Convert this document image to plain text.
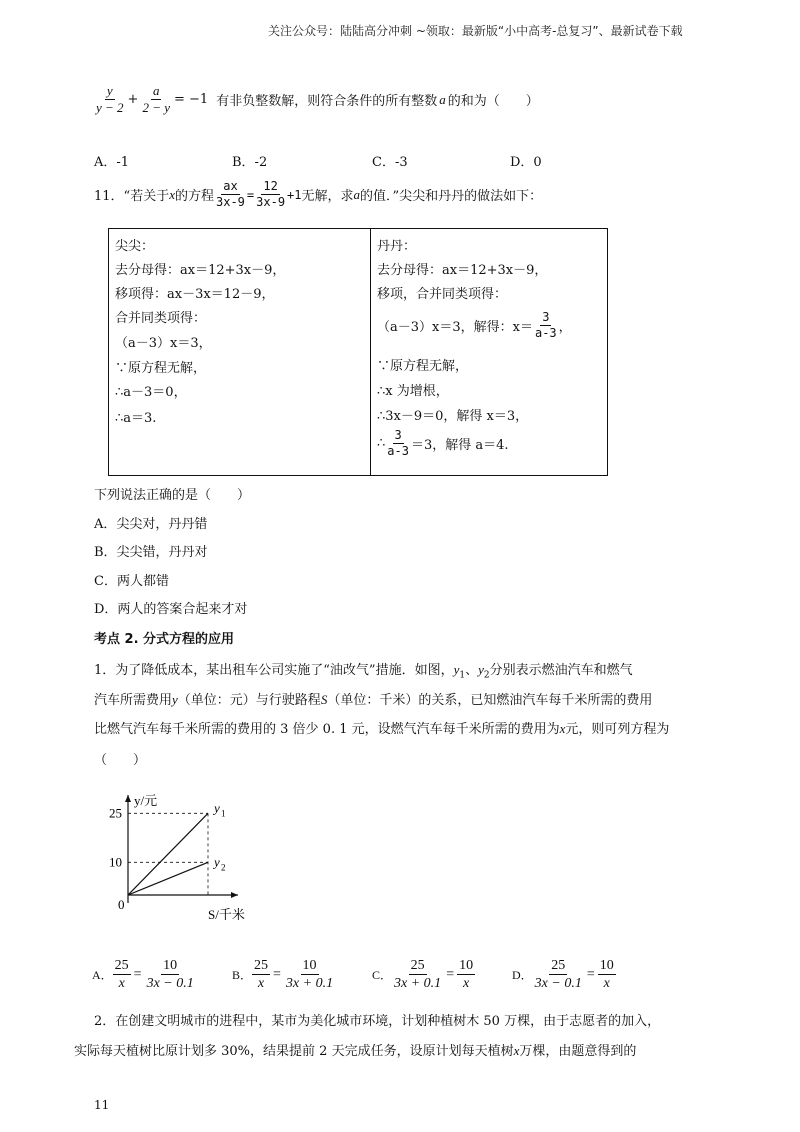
关注公众号：陆陆高分冲刺 ~领取：最新版“小中高考-总复习”、最新试卷下载
$\frac{y}{y - 2} + \frac{a}{2 - y} = -1$ 有非负整数解，则符合条件的所有整数 a 的和为（　　）
A．-1	B．-2	C．-3	D．0
11．“若关于 x 的方程 $\frac{ax}{3x-9} = \frac{12}{3x-9} +1$ 无解，求 a 的值．”尖尖和丹丹的做法如下：
尖尖：
去分母得：ax＝12+3x－9，
移项得：ax－3x＝12－9，
合并同类项得：
（a－3）x＝3，
∵原方程无解，
∴a－3＝0，
∴a＝3.
丹丹：
去分母得：ax＝12+3x－9，
移项，合并同类项得：
（a－3）x＝3，解得：$x= \frac{3}{a-3}$ ，
∵原方程无解，
∴x 为增根，
∴3x－9＝0，解得 x＝3，
∴ $\frac{3}{a-3} =3$，解得 a＝4.
下列说法正确的是（　　）
A．尖尖对，丹丹错
B．尖尖错，丹丹对
C．两人都错
D．两人的答案合起来才对
考点 2. 分式方程的应用
1．为了降低成本，某出租车公司实施了“油改气”措施．如图，$y_1$、$y_2$分别表示燃油汽车和燃气
汽车所需费用y（单位：元）与行驶路程S（单位：千米）的关系，已知燃油汽车每千米所需的费用
比燃气汽车每千米所需的费用的 3 倍少 0. 1 元，设燃气汽车每千米所需的费用为x元，则可列方程为
（　　）
25	y 1
10	y 2
0
y/元
S/千米
A． $\frac{25}{x} = \frac{10}{3x - 0.1}$	B． $\frac{25}{x} = \frac{10}{3x + 0.1}$	C． $\frac{25}{3x + 0.1} = \frac{10}{x}$	D． $\frac{25}{3x - 0.1} = \frac{10}{x}$
2．在创建文明城市的进程中，某市为美化城市环境，计划种植树木 50 万棵，由于志愿者的加入，
实际每天植树比原计划多 30%，结果提前 2 天完成任务，设原计划每天植树x万棵，由题意得到的
11
